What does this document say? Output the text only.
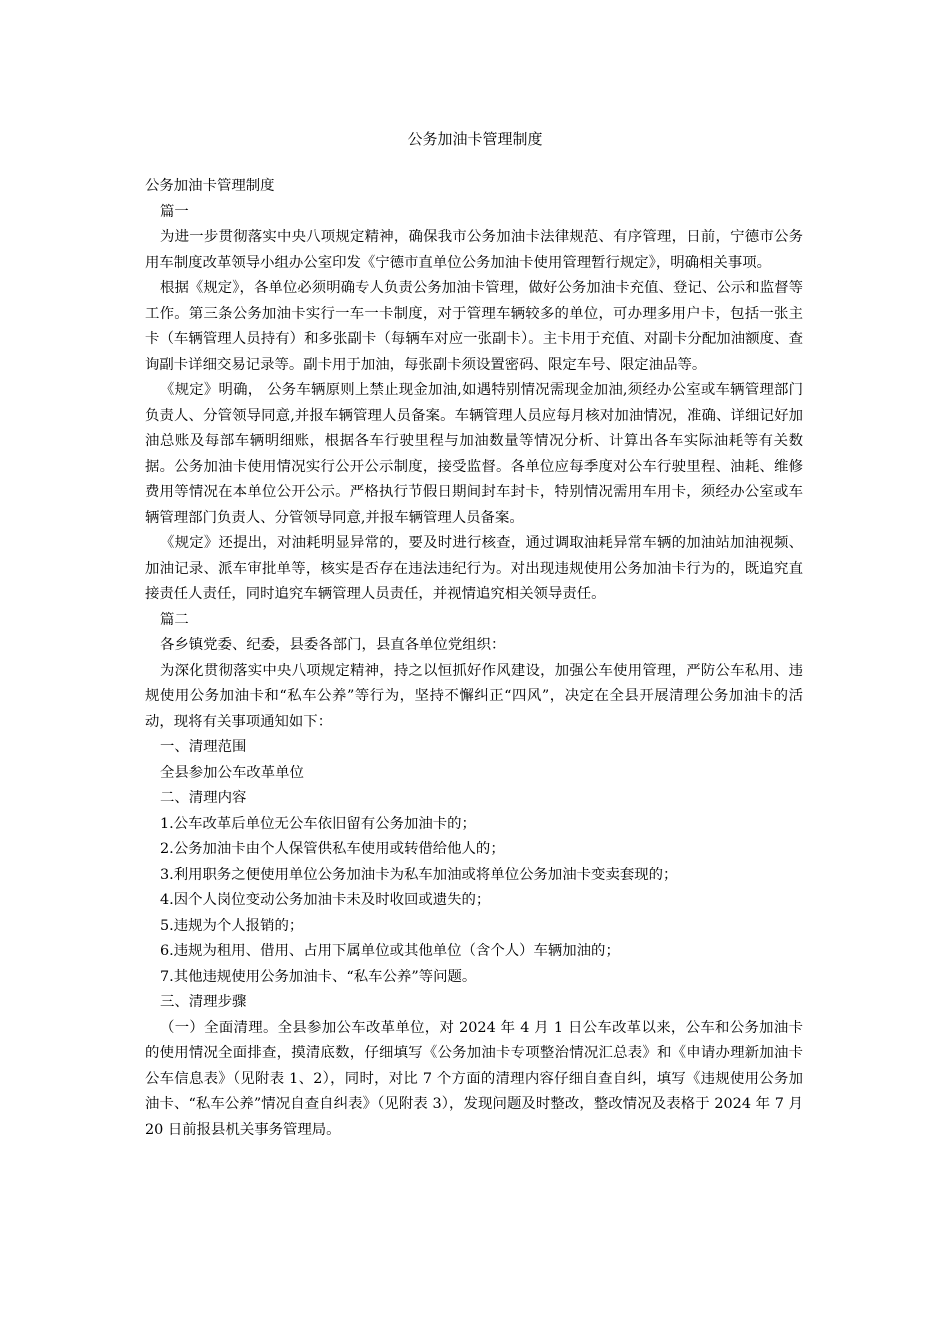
公务加油卡管理制度

公务加油卡管理制度

篇一

为进一步贯彻落实中央八项规定精神，确保我市公务加油卡法律规范、有序管理，日前，宁德市公务用车制度改革领导小组办公室印发《宁德市直单位公务加油卡使用管理暂行规定》，明确相关事项。

根据《规定》，各单位必须明确专人负责公务加油卡管理，做好公务加油卡充值、登记、公示和监督等工作。第三条公务加油卡实行一车一卡制度，对于管理车辆较多的单位，可办理多用户卡，包括一张主卡（车辆管理人员持有）和多张副卡（每辆车对应一张副卡）。主卡用于充值、对副卡分配加油额度、查询副卡详细交易记录等。副卡用于加油，每张副卡须设置密码、限定车号、限定油品等。

《规定》明确， 公务车辆原则上禁止现金加油,如遇特别情况需现金加油,须经办公室或车辆管理部门负责人、分管领导同意,并报车辆管理人员备案。车辆管理人员应每月核对加油情况，准确、详细记好加油总账及每部车辆明细账，根据各车行驶里程与加油数量等情况分析、计算出各车实际油耗等有关数据。公务加油卡使用情况实行公开公示制度，接受监督。各单位应每季度对公车行驶里程、油耗、维修费用等情况在本单位公开公示。严格执行节假日期间封车封卡，特别情况需用车用卡，须经办公室或车辆管理部门负责人、分管领导同意,并报车辆管理人员备案。

《规定》还提出，对油耗明显异常的，要及时进行核查，通过调取油耗异常车辆的加油站加油视频、加油记录、派车审批单等，核实是否存在违法违纪行为。对出现违规使用公务加油卡行为的，既追究直接责任人责任，同时追究车辆管理人员责任，并视情追究相关领导责任。

篇二

各乡镇党委、纪委，县委各部门，县直各单位党组织：

为深化贯彻落实中央八项规定精神，持之以恒抓好作风建设，加强公车使用管理，严防公车私用、违规使用公务加油卡和“私车公养”等行为，坚持不懈纠正“四风”，决定在全县开展清理公务加油卡的活动，现将有关事项通知如下：

一、清理范围

全县参加公车改革单位

二、清理内容

1.公车改革后单位无公车依旧留有公务加油卡的；

2.公务加油卡由个人保管供私车使用或转借给他人的；

3.利用职务之便使用单位公务加油卡为私车加油或将单位公务加油卡变卖套现的；

4.因个人岗位变动公务加油卡未及时收回或遗失的；

5.违规为个人报销的；

6.违规为租用、借用、占用下属单位或其他单位（含个人）车辆加油的；

7.其他违规使用公务加油卡、“私车公养”等问题。

三、清理步骤

（一）全面清理。全县参加公车改革单位，对 2024 年 4 月 1 日公车改革以来，公车和公务加油卡的使用情况全面排查，摸清底数，仔细填写《公务加油卡专项整治情况汇总表》和《申请办理新加油卡公车信息表》（见附表 1、2），同时，对比 7 个方面的清理内容仔细自查自纠，填写《违规使用公务加油卡、“私车公养”情况自查自纠表》（见附表 3），发现问题及时整改，整改情况及表格于 2024 年 7 月 20 日前报县机关事务管理局。
